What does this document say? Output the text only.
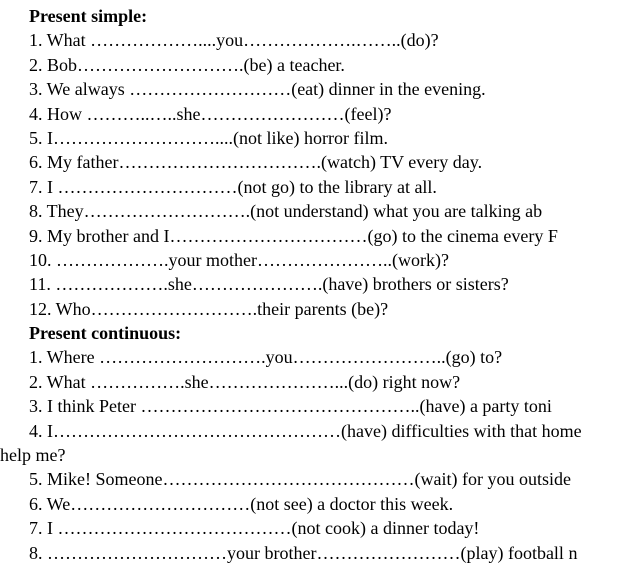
Present simple:
1. What ………………....you……………….……..(do)?
2. Bob……………………….(be) a teacher.
3. We always ………………………(eat) dinner in the evening.
4. How ………..…..she……………………(feel)?
5. I………………………....(not like) horror film.
6. My father…………………………….(watch) TV every day.
7. I …………………………(not go) to the library at all.
8. They……………………….(not understand) what you are talking ab
9. My brother and I……………………………(go) to the cinema every F
10. ……………….your mother…………………..(work)?
11. ……………….she………………….(have) brothers or sisters?
12. Who……………………….their parents (be)?
Present continuous:
1. Where ……………………….you……………………..(go) to?
2. What …………….she…………………...(do) right now?
3. I think Peter ………………………………………..(have) a party toni
4. I…………………………………………(have) difficulties with that home
help me?
5. Mike! Someone……………………………………(wait) for you outside
6. We…………………………(not see) a doctor this week.
7. I …………………………………(not cook) a dinner today!
8. …………………………your brother……………………(play) football n
